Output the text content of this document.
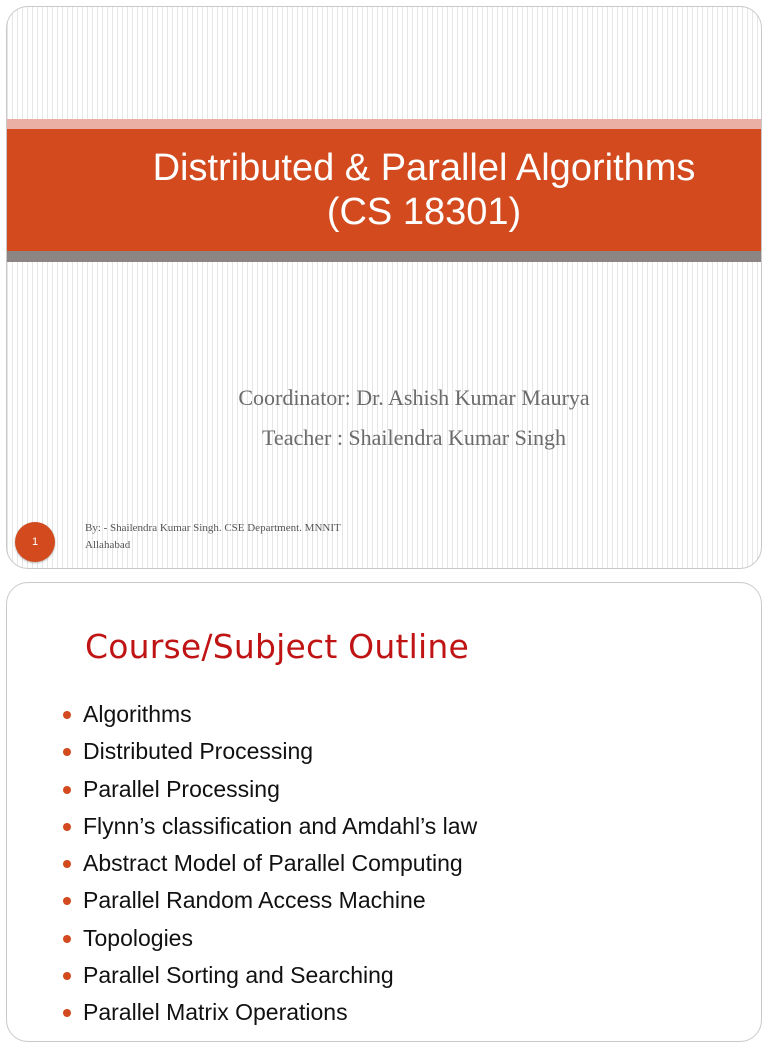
Distributed & Parallel Algorithms
(CS 18301)
Coordinator: Dr. Ashish Kumar Maurya
Teacher : Shailendra Kumar Singh
1
By: - Shailendra Kumar Singh. CSE Department. MNNIT
Allahabad
Course/Subject Outline
Algorithms
Distributed Processing
Parallel Processing
Flynn’s classification and Amdahl’s law
Abstract Model of Parallel Computing
Parallel Random Access Machine
Topologies
Parallel Sorting and Searching
Parallel Matrix Operations
